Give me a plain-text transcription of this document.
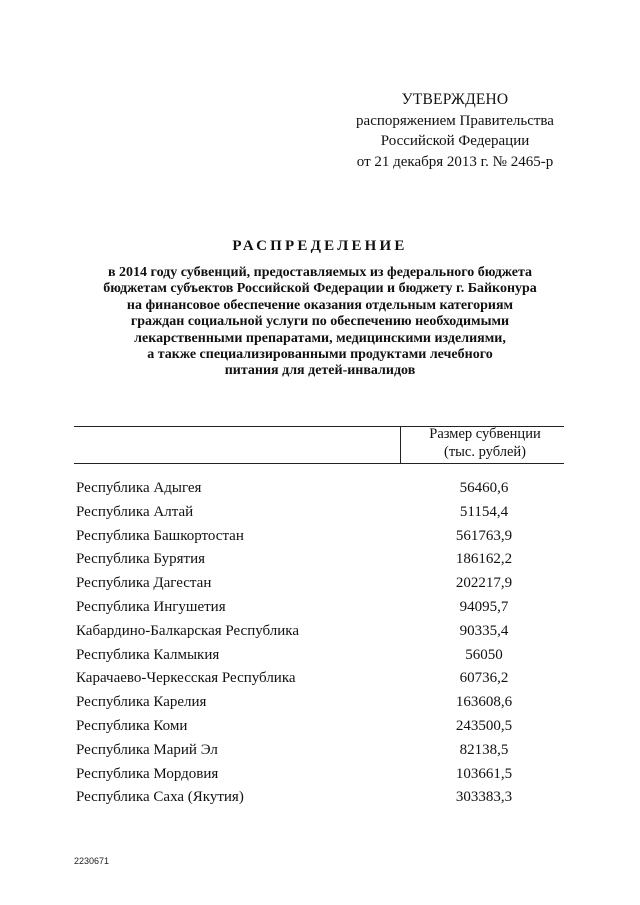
УТВЕРЖДЕНО
распоряжением Правительства
Российской Федерации
от 21 декабря 2013 г. № 2465-р
РАСПРЕДЕЛЕНИЕ
в 2014 году субвенций, предоставляемых из федерального бюджета
бюджетам субъектов Российской Федерации и бюджету г. Байконура
на финансовое обеспечение оказания отдельным категориям
граждан социальной услуги по обеспечению необходимыми
лекарственными препаратами, медицинскими изделиями,
а также специализированными продуктами лечебного
питания для детей-инвалидов
Размер субвенции
(тыс. рублей)
Республика Адыгея	56460,6
Республика Алтай	51154,4
Республика Башкортостан	561763,9
Республика Бурятия	186162,2
Республика Дагестан	202217,9
Республика Ингушетия	94095,7
Кабардино-Балкарская Республика	90335,4
Республика Калмыкия	56050
Карачаево-Черкесская Республика	60736,2
Республика Карелия	163608,6
Республика Коми	243500,5
Республика Марий Эл	82138,5
Республика Мордовия	103661,5
Республика Саха (Якутия)	303383,3
2230671
